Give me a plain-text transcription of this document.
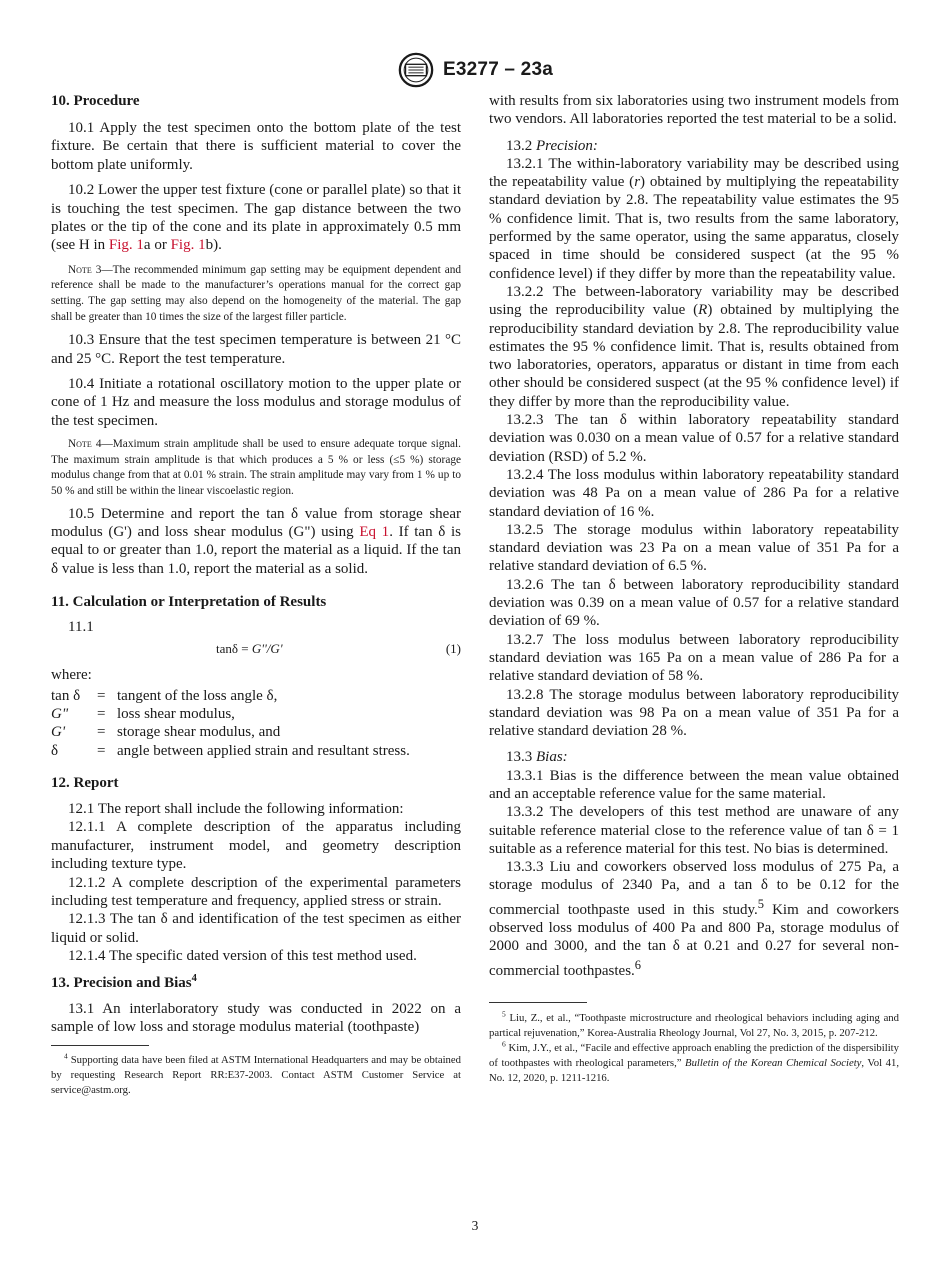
E3277 – 23a
10. Procedure

10.1 Apply the test specimen onto the bottom plate of the test fixture. Be certain that there is sufficient material to cover the bottom plate uniformly.

10.2 Lower the upper test fixture (cone or parallel plate) so that it is touching the test specimen. The gap distance between the two plates or the tip of the cone and its plate in approximately 0.5 mm (see H in Fig. 1a or Fig. 1b).

Note 3—The recommended minimum gap setting may be equipment dependent and reference shall be made to the manufacturer’s operations manual for the correct gap setting. The gap setting may also depend on the homogeneity of the material. The gap shall be greater than 10 times the size of the largest filler particle.

10.3 Ensure that the test specimen temperature is between 21 °C and 25 °C. Report the test temperature.

10.4 Initiate a rotational oscillatory motion to the upper plate or cone of 1 Hz and measure the loss modulus and storage modulus of the test specimen.

Note 4—Maximum strain amplitude shall be used to ensure adequate torque signal. The maximum strain amplitude is that which produces a 5 % or less (≤5 %) storage modulus change from that at 0.01 % strain. The strain amplitude may vary from 1 % up to 50 % and still be within the linear viscoelastic region.

10.5 Determine and report the tan δ value from storage shear modulus (G') and loss shear modulus (G") using Eq 1. If tan δ is equal to or greater than 1.0, report the material as a liquid. If the tan δ value is less than 1.0, report the material as a solid.

11. Calculation or Interpretation of Results

11.1

tanδ = G''/G'	(1)

where:

tan δ	= tangent of the loss angle δ,
G"	= loss shear modulus,
G'	= storage shear modulus, and
δ	= angle between applied strain and resultant stress.
12. Report

12.1 The report shall include the following information:

12.1.1 A complete description of the apparatus including manufacturer, instrument model, and geometry description including texture type.

12.1.2 A complete description of the experimental parameters including test temperature and frequency, applied stress or strain.

12.1.3 The tan δ and identification of the test specimen as either liquid or solid.

12.1.4 The specific dated version of this test method used.

13. Precision and Bias$^4$

13.1 An interlaboratory study was conducted in 2022 on a sample of low loss and storage modulus material (toothpaste)

$^4$ Supporting data have been filed at ASTM International Headquarters and may be obtained by requesting Research Report RR:E37-2003. Contact ASTM Customer Service at service@astm.org.

with results from six laboratories using two instrument models from two vendors. All laboratories reported the test material to be a solid.

13.2 Precision:

13.2.1 The within-laboratory variability may be described using the repeatability value (r) obtained by multiplying the repeatability standard deviation by 2.8. The repeatability value estimates the 95 % confidence limit. That is, two results from the same laboratory, performed by the same operator, using the same apparatus, closely spaced in time should be considered suspect (at the 95 % confidence level) if they differ by more than the repeatability value.

13.2.2 The between-laboratory variability may be described using the reproducibility value (R) obtained by multiplying the reproducibility standard deviation by 2.8. The reproducibility value estimates the 95 % confidence limit. That is, results obtained from two laboratories, operators, apparatus or distant in time from each other should be considered suspect (at the 95 % confidence level) if they differ by more than the reproducibility value.

13.2.3 The tan δ within laboratory repeatability standard deviation was 0.030 on a mean value of 0.57 for a relative standard deviation (RSD) of 5.2 %.

13.2.4 The loss modulus within laboratory repeatability standard deviation was 48 Pa on a mean value of 286 Pa for a relative standard deviation of 16 %.

13.2.5 The storage modulus within laboratory repeatability standard deviation was 23 Pa on a mean value of 351 Pa for a relative standard deviation of 6.5 %.

13.2.6 The tan δ between laboratory reproducibility standard deviation was 0.39 on a mean value of 0.57 for a relative standard deviation of 69 %.

13.2.7 The loss modulus between laboratory reproducibility standard deviation was 165 Pa on a mean value of 286 Pa for a relative standard deviation of 58 %.

13.2.8 The storage modulus between laboratory reproducibility standard deviation was 98 Pa on a mean value of 351 Pa for a relative standard deviation 28 %.

13.3 Bias:

13.3.1 Bias is the difference between the mean value obtained and an acceptable reference value for the same material.

13.3.2 The developers of this test method are unaware of any suitable reference material close to the reference value of tan δ = 1 suitable as a reference material for this test. No bias is determined.

13.3.3 Liu and coworkers observed loss modulus of 275 Pa, a storage modulus of 2340 Pa, and a tan δ to be 0.12 for the commercial toothpaste used in this study.$^5$ Kim and coworkers observed loss modulus of 400 Pa and 800 Pa, storage modulus of 2000 and 3000, and the tan δ at 0.21 and 0.27 for several non-commercial toothpastes.$^6$

$^5$ Liu, Z., et al., “Toothpaste microstructure and rheological behaviors including aging and partical rejuvenation,” Korea-Australia Rheology Journal, Vol 27, No. 3, 2015, p. 207-212.

$^6$ Kim, J.Y., et al., “Facile and effective approach enabling the prediction of the dispersibility of toothpastes with rheological parameters,” Bulletin of the Korean Chemical Society, Vol 41, No. 12, 2020, p. 1211-1216.

3
